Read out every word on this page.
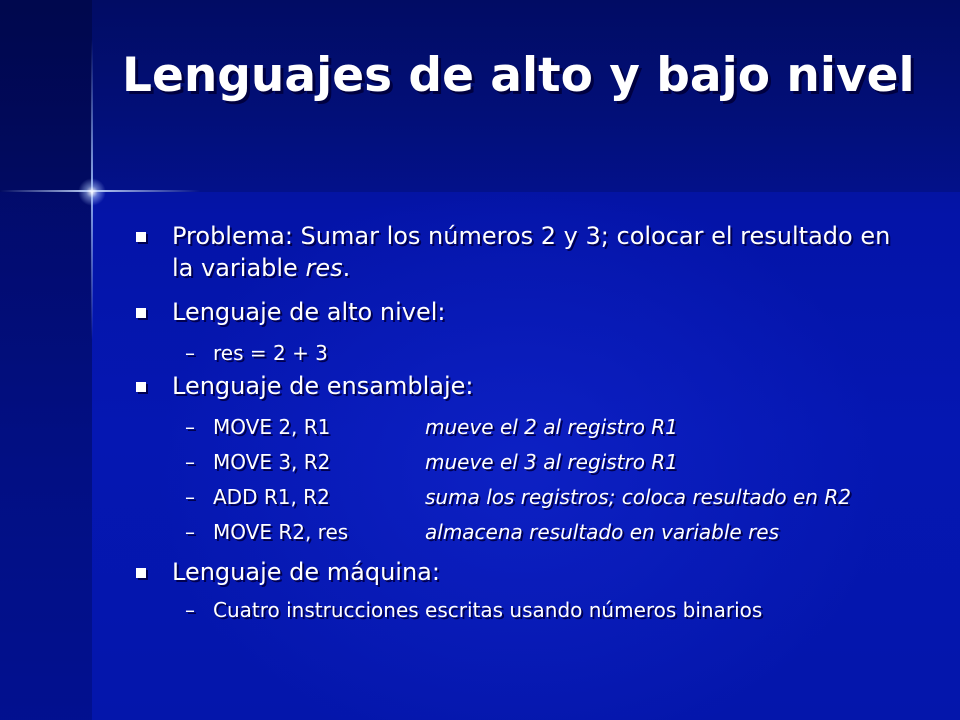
Lenguajes de alto y bajo nivel
Problema: Sumar los números 2 y 3; colocar el resultado en la variable res.
Lenguaje de alto nivel:
– res = 2 + 3
Lenguaje de ensamblaje:
– MOVE 2, R1	mueve el 2 al registro R1
– MOVE 3, R2	mueve el 3 al registro R1
– ADD R1, R2	suma los registros; coloca resultado en R2
– MOVE R2, res	almacena resultado en variable res
Lenguaje de máquina:
– Cuatro instrucciones escritas usando números binarios
